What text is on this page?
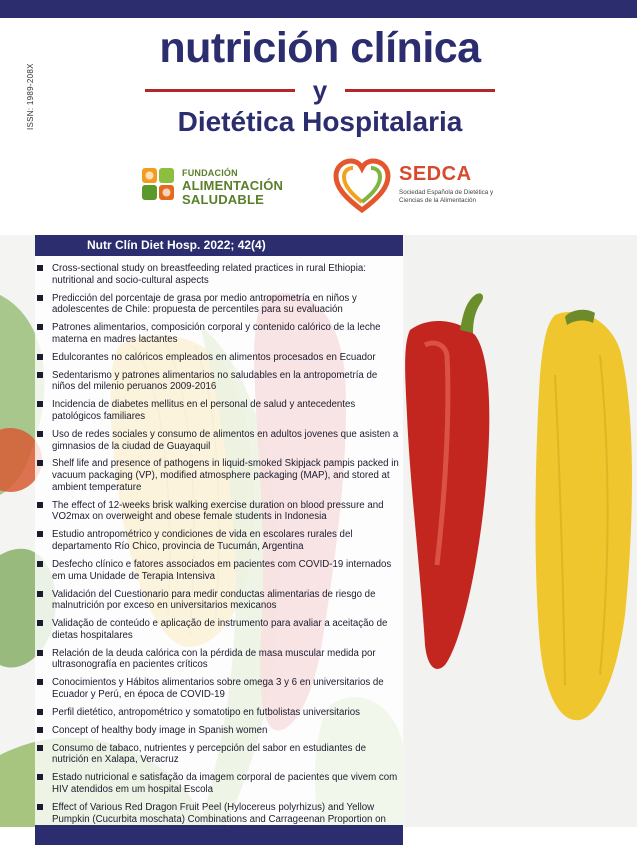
ISSN: 1989-208X
nutrición clínica
y
Dietética Hospitalaria
FUNDACIÓN
ALIMENTACIÓN
SALUDABLE
SEDCA
Sociedad Española de Dietética y Ciencias de la Alimentación
Nutr Clín Diet Hosp. 2022; 42(4)
Cross-sectional study on breastfeeding related practices in rural Ethiopia: nutritional and socio-cultural aspects
Predicción del porcentaje de grasa por medio antropometría en niños y adolescentes de Chile: propuesta de percentiles para su evaluación
Patrones alimentarios, composición corporal y contenido calórico de la leche materna en madres lactantes
Edulcorantes no calóricos empleados en alimentos procesados en Ecuador
Sedentarismo y patrones alimentarios no saludables en la antropometría de niños del milenio peruanos 2009-2016
Incidencia de diabetes mellitus en el personal de salud y antecedentes patológicos familiares
Uso de redes sociales y consumo de alimentos en adultos jovenes que asisten a gimnasios de la ciudad de Guayaquil
Shelf life and presence of pathogens in liquid-smoked Skipjack pampis packed in vacuum packaging (VP), modified atmosphere packaging (MAP), and stored at ambient temperature
The effect of 12-weeks brisk walking exercise duration on blood pressure and VO2max on overweight and obese female students in Indonesia
Estudio antropométrico y condiciones de vida en escolares rurales del departamento Río Chico, provincia de Tucumán, Argentina
Desfecho clínico e fatores associados em pacientes com COVID-19 internados em uma Unidade de Terapia Intensiva
Validación del Cuestionario para medir conductas alimentarias de riesgo de malnutrición por exceso en universitarios mexicanos
Validação de conteúdo e aplicação de instrumento para avaliar a aceitação de dietas hospitalares
Relación de la deuda calórica con la pérdida de masa muscular medida por ultrasonografía en pacientes críticos
Conocimientos y Hábitos alimentarios sobre omega 3 y 6 en universitarios de Ecuador y Perú, en época de COVID-19
Perfil dietético, antropométrico y somatotipo en futbolistas universitarios
Concept of healthy body image in Spanish women
Consumo de tabaco, nutrientes y percepción del sabor en estudiantes de nutrición en Xalapa, Veracruz
Estado nutricional e satisfação da imagem corporal de pacientes que vivem com HIV atendidos em um hospital Escola
Effect of Various Red Dragon Fruit Peel (Hylocereus polyrhizus) and Yellow Pumpkin (Cucurbita moschata) Combinations and Carrageenan Proportion on
